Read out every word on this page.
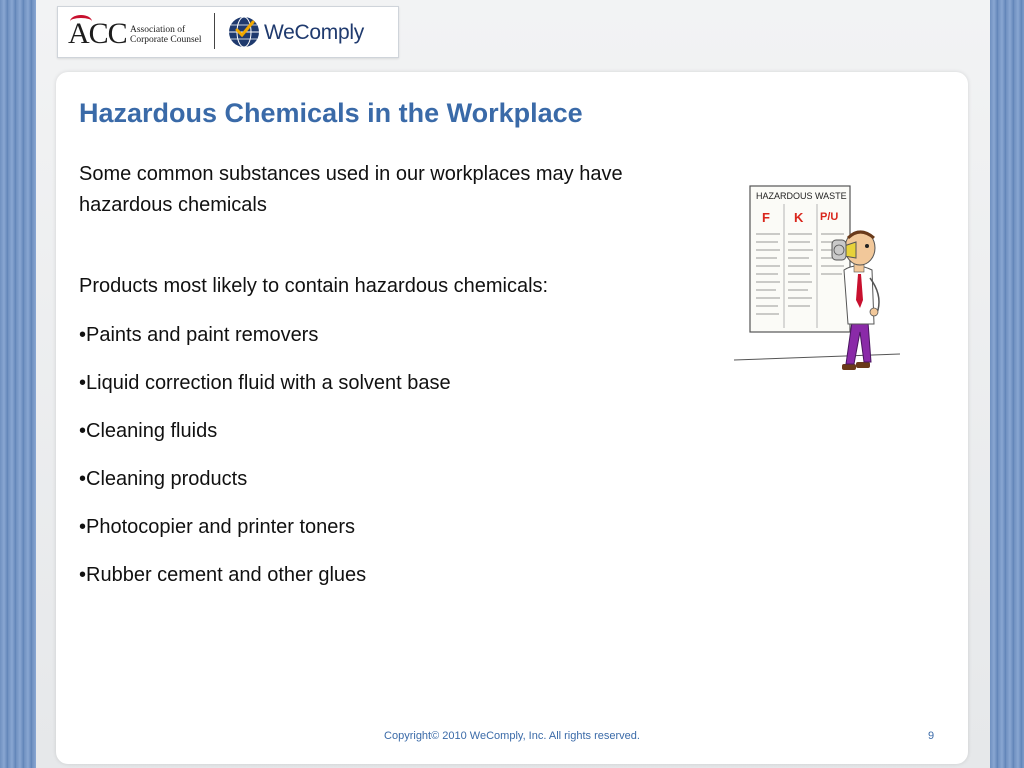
ACC Association of
Corporate Counsel	WeComply
Hazardous Chemicals in the Workplace

Some common substances used in our workplaces may have hazardous chemicals

Products most likely to contain hazardous chemicals:

•Paints and paint removers
•Liquid correction fluid with a solvent base
•Cleaning fluids
•Cleaning products
•Photocopier and printer toners
•Rubber cement and other glues
HAZARDOUS WASTE
F K P/U
Copyright© 2010 WeComply, Inc. All rights reserved.	9
